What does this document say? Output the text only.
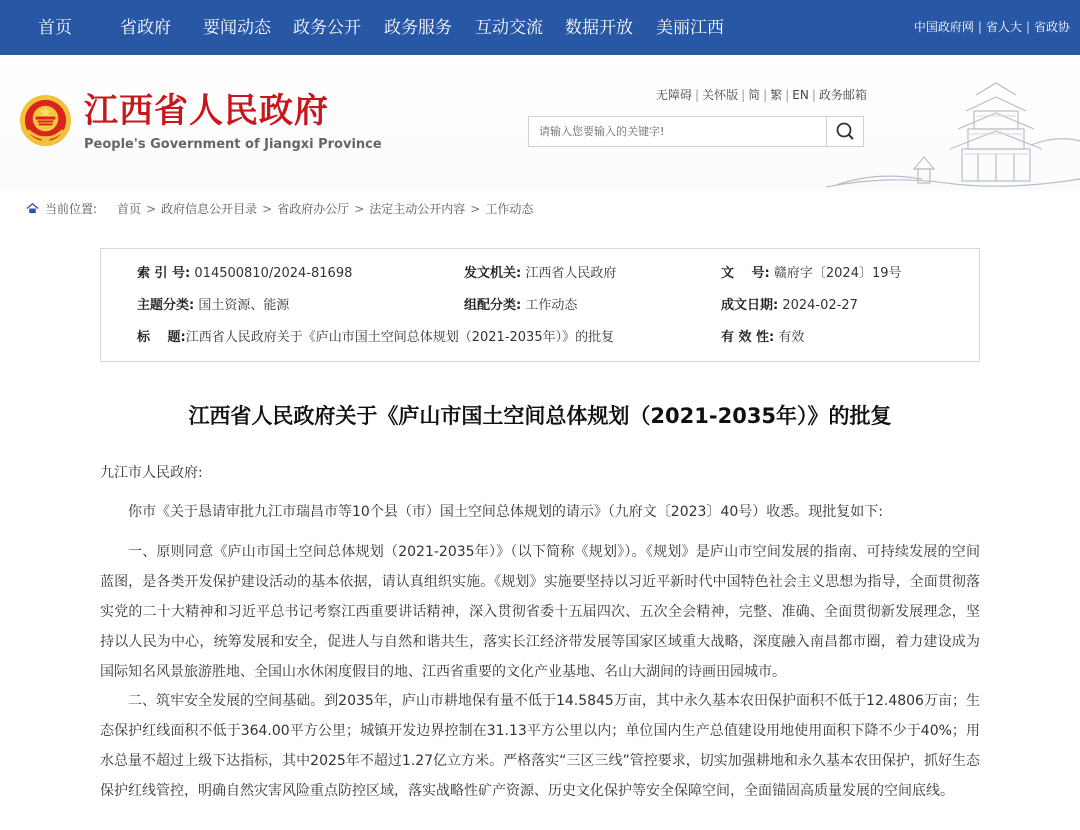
首页	省政府 要闻动态 政务公开 政务服务 互动交流 数据开放 美丽江西	中国政府网 | 省人大 | 省政协
江西省人民政府
People's Government of Jiangxi Province
无障碍 | 关怀版 | 简 | 繁 | EN | 政务邮箱
请输入您要输入的关键字!
当前位置: 首页 > 政府信息公开目录 > 省政府办公厅 > 法定主动公开内容 > 工作动态
索 引 号: 014500810/2024-81698	发文机关: 江西省人民政府	文　 号: 赣府字〔2024〕19号
主题分类: 国土资源、能源	组配分类: 工作动态	成文日期: 2024-02-27
标　 题:江西省人民政府关于《庐山市国土空间总体规划（2021-2035年）》的批复	有 效 性: 有效
江西省人民政府关于《庐山市国土空间总体规划（2021-2035年）》的批复
九江市人民政府:

你市《关于恳请审批九江市瑞昌市等10个县（市）国土空间总体规划的请示》（九府文〔2023〕40号）收悉。现批复如下:

一、原则同意《庐山市国土空间总体规划（2021-2035年）》（以下简称《规划》）。《规划》是庐山市空间发展的指南、可持续发展的空间蓝图，是各类开发保护建设活动的基本依据，请认真组织实施。《规划》实施要坚持以习近平新时代中国特色社会主义思想为指导，全面贯彻落实党的二十大精神和习近平总书记考察江西重要讲话精神，深入贯彻省委十五届四次、五次全会精神，完整、准确、全面贯彻新发展理念，坚持以人民为中心，统筹发展和安全，促进人与自然和谐共生，落实长江经济带发展等国家区域重大战略，深度融入南昌都市圈，着力建设成为国际知名风景旅游胜地、全国山水休闲度假目的地、江西省重要的文化产业基地、名山大湖间的诗画田园城市。

二、筑牢安全发展的空间基础。到2035年，庐山市耕地保有量不低于14.5845万亩，其中永久基本农田保护面积不低于12.4806万亩；生态保护红线面积不低于364.00平方公里；城镇开发边界控制在31.13平方公里以内；单位国内生产总值建设用地使用面积下降不少于40%；用水总量不超过上级下达指标，其中2025年不超过1.27亿立方米。严格落实“三区三线”管控要求，切实加强耕地和永久基本农田保护，抓好生态保护红线管控，明确自然灾害风险重点防控区域，落实战略性矿产资源、历史文化保护等安全保障空间，全面锚固高质量发展的空间底线。
